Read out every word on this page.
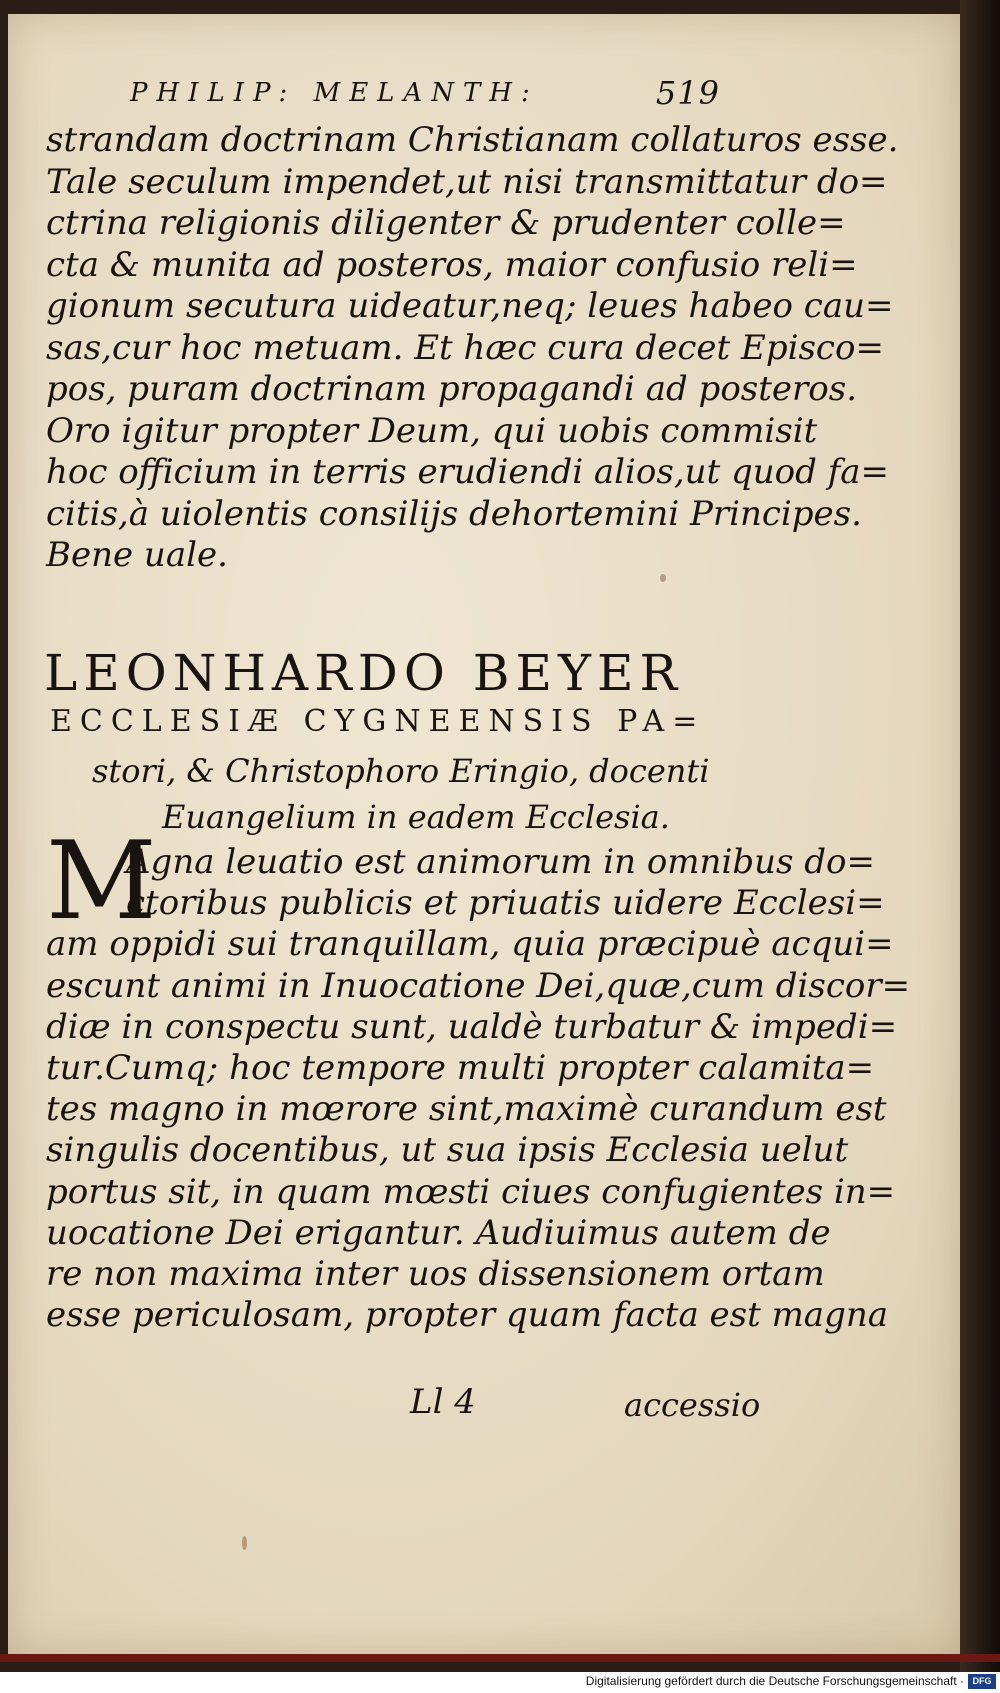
PHILIP: MELANTH:	519
strandam doctrinam Christianam collaturos esse.
Tale seculum impendet,ut nisi transmittatur do=
ctrina religionis diligenter & prudenter colle=
cta & munita ad posteros, maior confusio reli=
gionum secutura uideatur,neq; leues habeo cau=
sas,cur hoc metuam. Et hæc cura decet Episco=
pos, puram doctrinam propagandi ad posteros.
Oro igitur propter Deum, qui uobis commisit
hoc officium in terris erudiendi alios,ut quod fa=
citis,à uiolentis consilijs dehortemini Principes.
Bene uale.
LEONHARDO BEYER
ECCLESIÆ CYGNEENSIS PA=
stori, & Christophoro Eringio, docenti
Euangelium in eadem Ecclesia.
M
Agna leuatio est animorum in omnibus do=
ctoribus publicis et priuatis uidere Ecclesi=
am oppidi sui tranquillam, quia præcipuè acqui=
escunt animi in Inuocatione Dei,quæ,cum discor=
diæ in conspectu sunt, ualdè turbatur & impedi=
tur.Cumq; hoc tempore multi propter calamita=
tes magno in mœrore sint,maximè curandum est
singulis docentibus, ut sua ipsis Ecclesia uelut
portus sit, in quam mœsti ciues confugientes in=
uocatione Dei erigantur. Audiuimus autem de
re non maxima inter uos dissensionem ortam
esse periculosam, propter quam facta est magna
Ll 4	accessio
Digitalisierung gefördert durch die Deutsche Forschungsgemeinschaft · DFG
